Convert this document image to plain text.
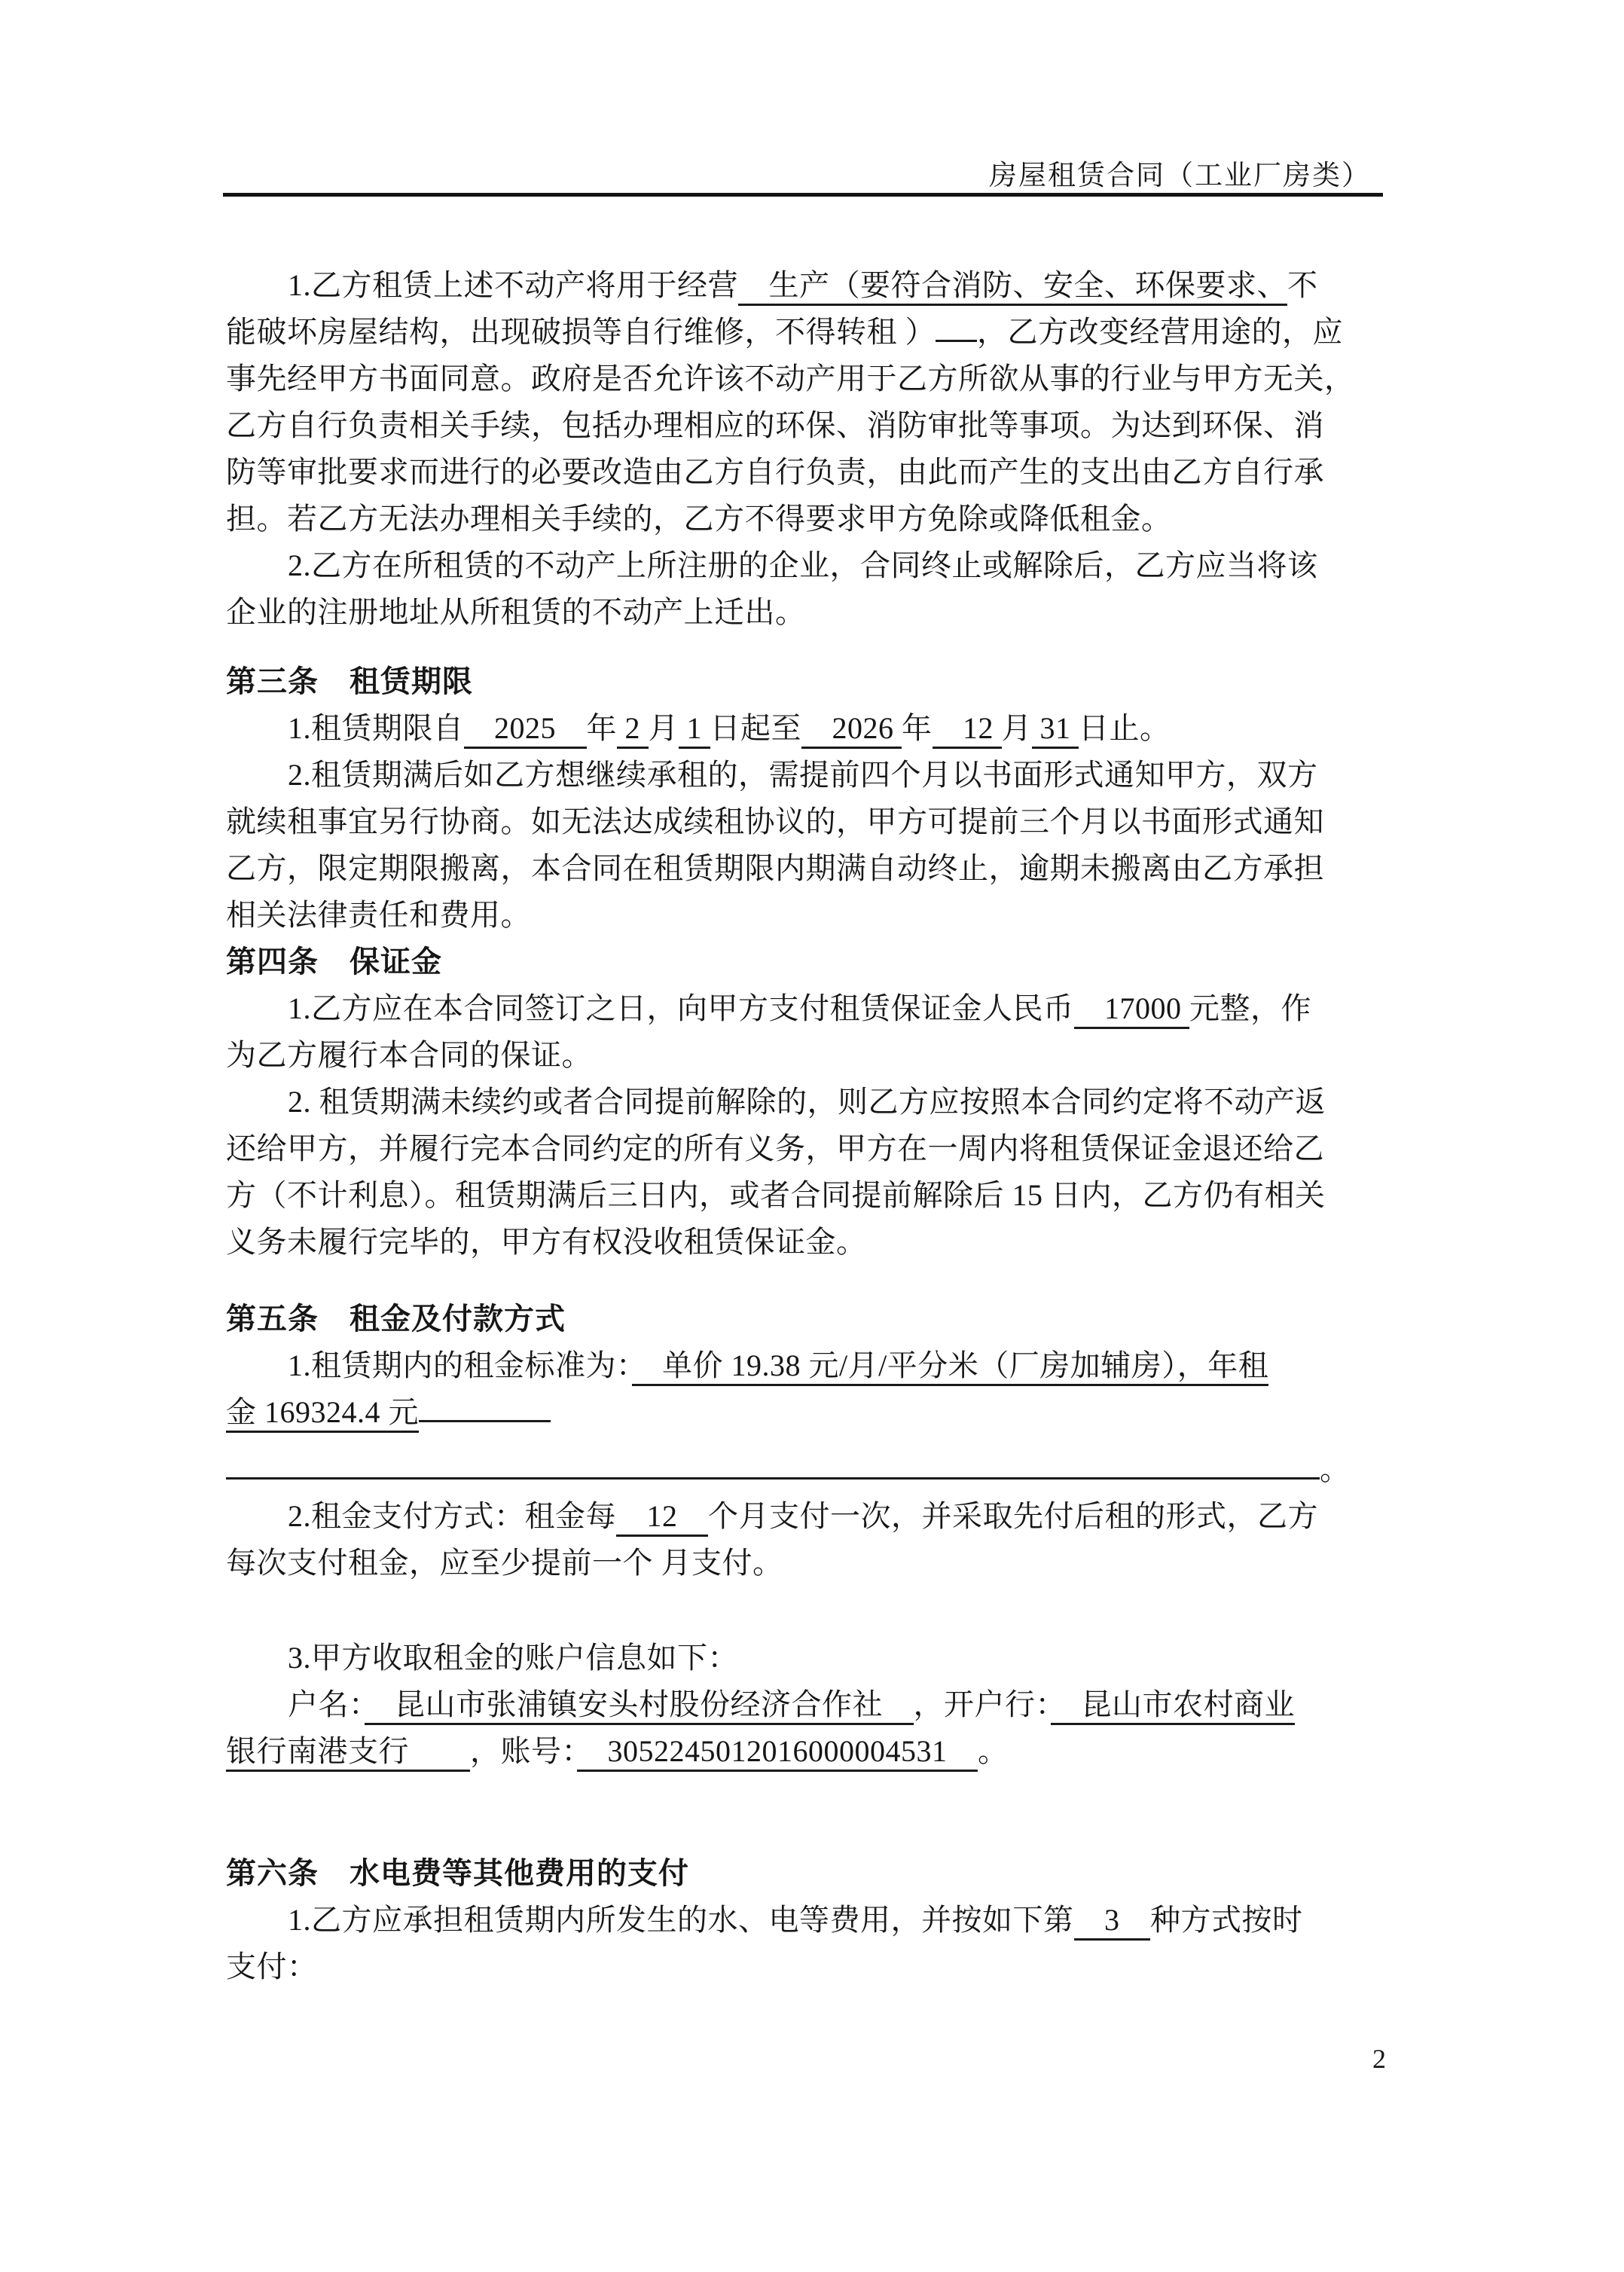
房屋租赁合同（工业厂房类）
1.乙方租赁上述不动产将用于经营　生产（要符合消防、安全、环保要求、不
能破坏房屋结构，出现破损等自行维修，不得转租 ） ，乙方改变经营用途的，应
事先经甲方书面同意。政府是否允许该不动产用于乙方所欲从事的行业与甲方无关，
乙方自行负责相关手续，包括办理相应的环保、消防审批等事项。为达到环保、消
防等审批要求而进行的必要改造由乙方自行负责，由此而产生的支出由乙方自行承
担。若乙方无法办理相关手续的，乙方不得要求甲方免除或降低租金。
2.乙方在所租赁的不动产上所注册的企业，合同终止或解除后，乙方应当将该
企业的注册地址从所租赁的不动产上迁出。
第三条　租赁期限
1.租赁期限自　2025　年 2 月 1 日起至　2026 年　12 月 31 日止。
2.租赁期满后如乙方想继续承租的，需提前四个月以书面形式通知甲方，双方
就续租事宜另行协商。如无法达成续租协议的，甲方可提前三个月以书面形式通知
乙方，限定期限搬离，本合同在租赁期限内期满自动终止，逾期未搬离由乙方承担
相关法律责任和费用。
第四条　保证金
1.乙方应在本合同签订之日，向甲方支付租赁保证金人民币　17000 元整，作
为乙方履行本合同的保证。
2. 租赁期满未续约或者合同提前解除的，则乙方应按照本合同约定将不动产返
还给甲方，并履行完本合同约定的所有义务，甲方在一周内将租赁保证金退还给乙
方（不计利息）。租赁期满后三日内，或者合同提前解除后 15 日内，乙方仍有相关
义务未履行完毕的，甲方有权没收租赁保证金。
第五条　租金及付款方式
1.租赁期内的租金标准为：　单价 19.38 元/月/平分米（厂房加辅房），年租
金 169324.4 元
。
2.租金支付方式：租金每　12　个月支付一次，并采取先付后租的形式，乙方
每次支付租金，应至少提前一个 月支付。
3.甲方收取租金的账户信息如下：
户名：　昆山市张浦镇安头村股份经济合作社　，开户行：　昆山市农村商业
银行南港支行　　，账号：　3052245012016000004531　。
第六条　水电费等其他费用的支付
1.乙方应承担租赁期内所发生的水、电等费用，并按如下第　3　种方式按时
支付：
2
